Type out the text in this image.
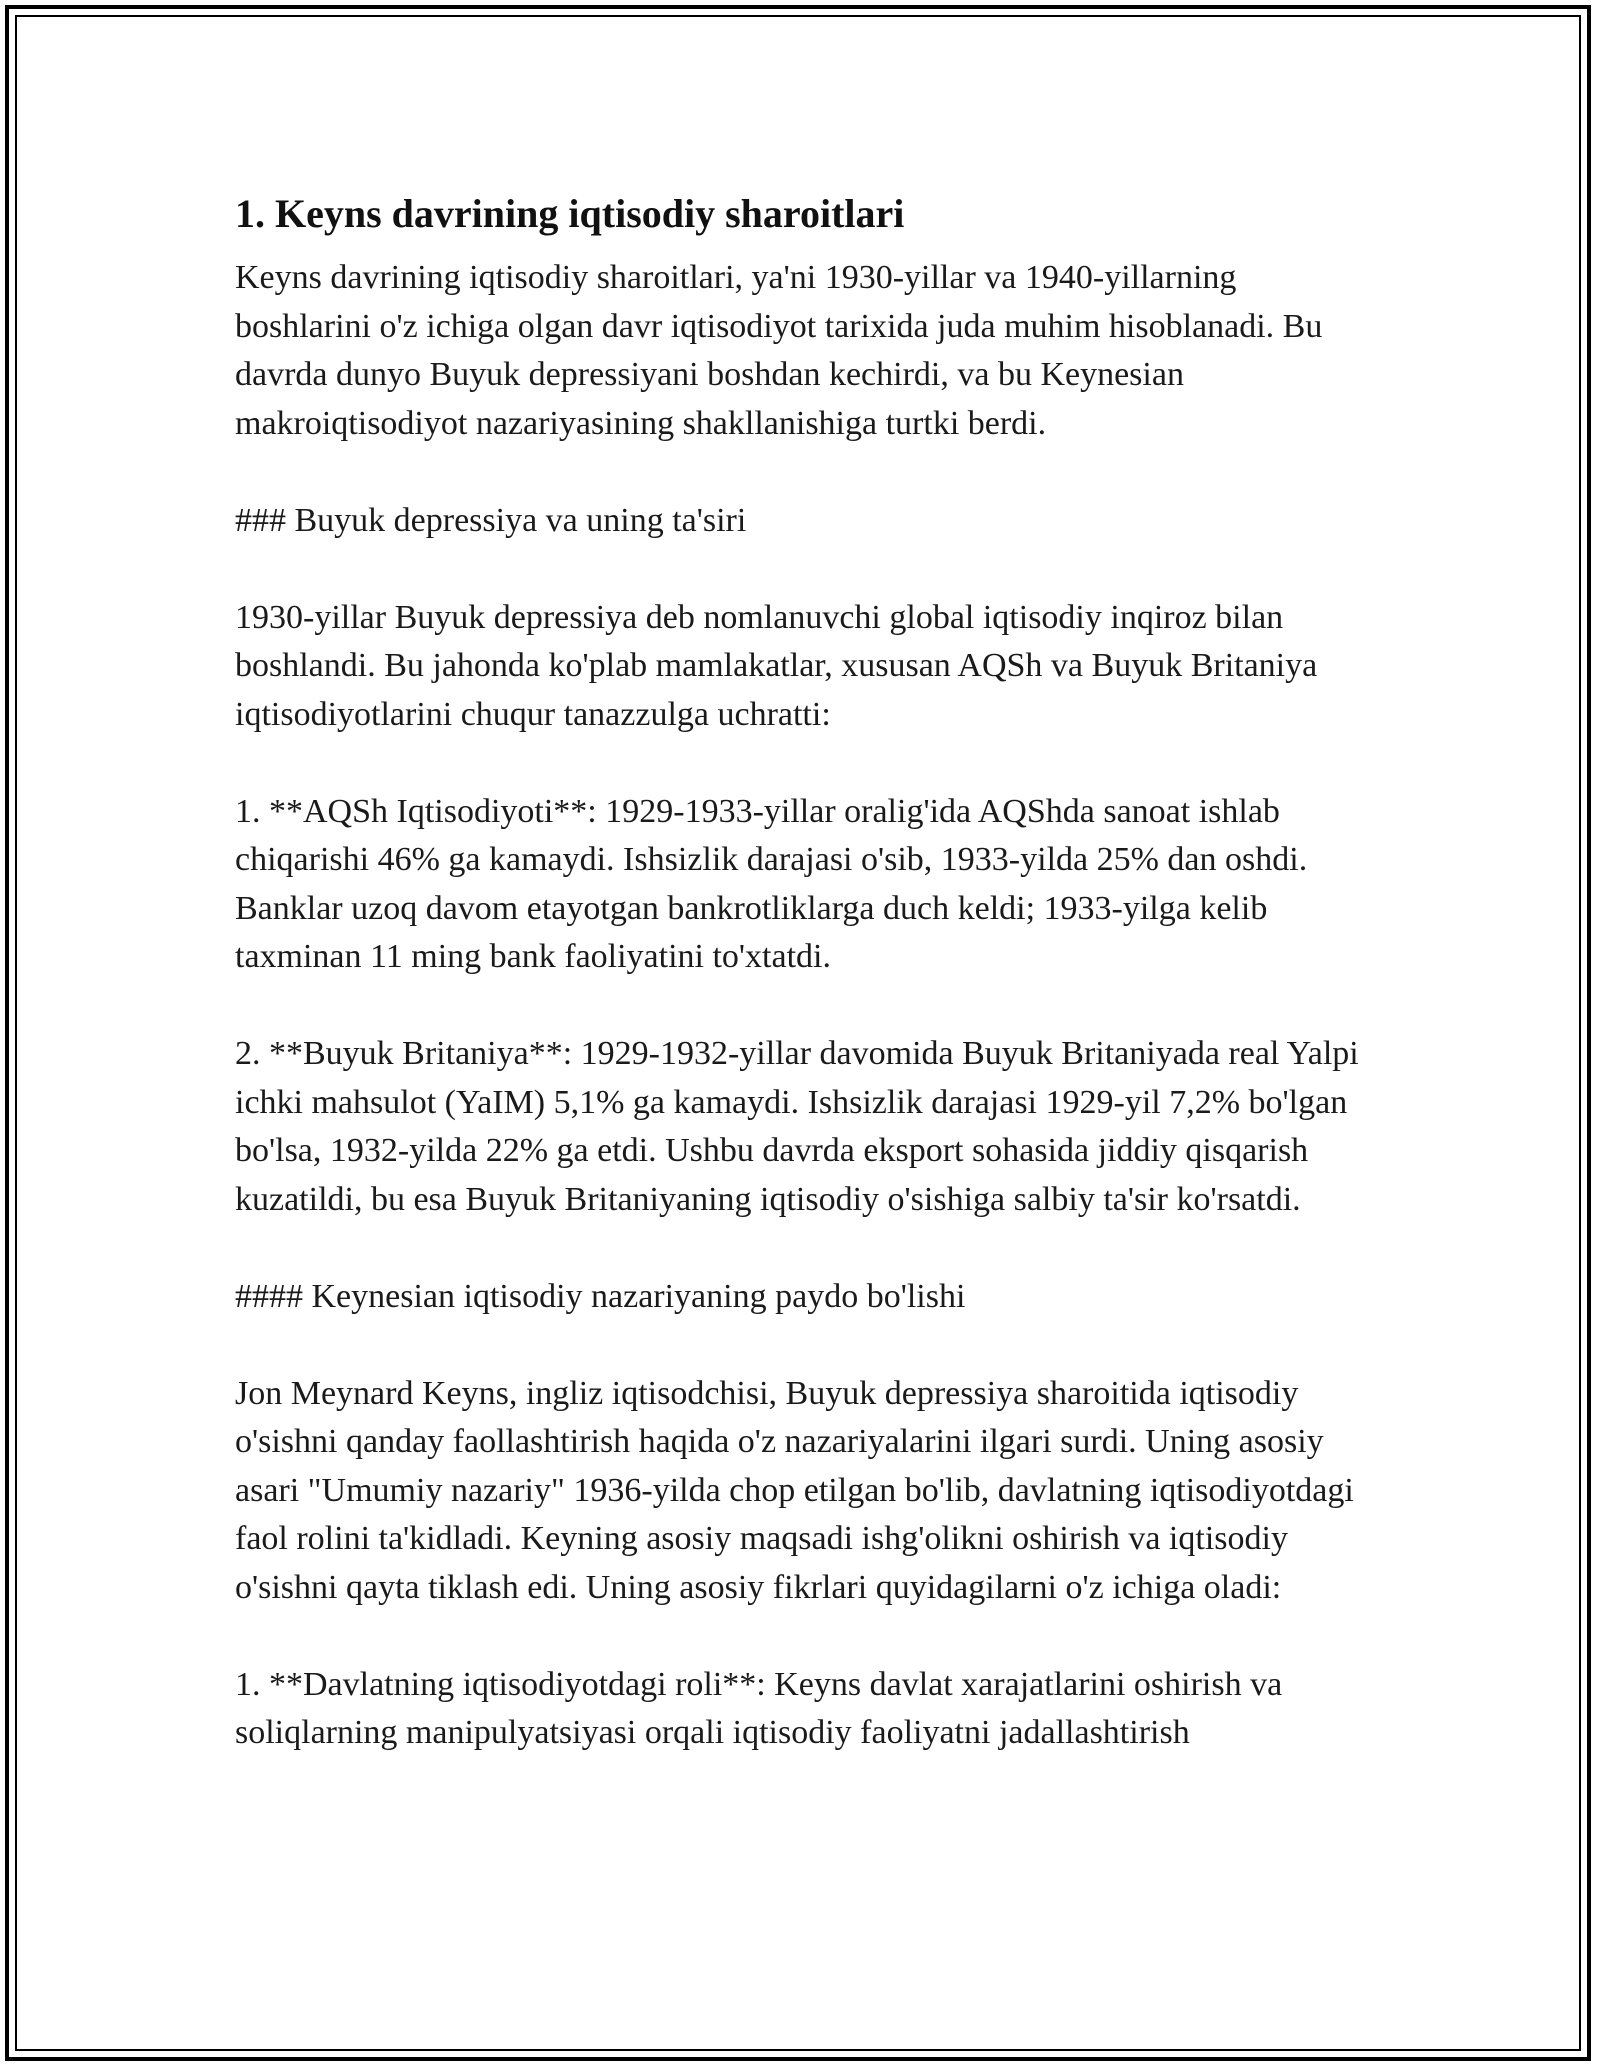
1. Keyns davrining iqtisodiy sharoitlari

Keyns davrining iqtisodiy sharoitlari, ya'ni 1930-yillar va 1940-yillarning boshlarini o'z ichiga olgan davr iqtisodiyot tarixida juda muhim hisoblanadi. Bu davrda dunyo Buyuk depressiyani boshdan kechirdi, va bu Keynesian makroiqtisodiyot nazariyasining shakllanishiga turtki berdi.

### Buyuk depressiya va uning ta'siri

1930-yillar Buyuk depressiya deb nomlanuvchi global iqtisodiy inqiroz bilan boshlandi. Bu jahonda ko'plab mamlakatlar, xususan AQSh va Buyuk Britaniya iqtisodiyotlarini chuqur tanazzulga uchratti:

1. **AQSh Iqtisodiyoti**: 1929-1933-yillar oralig'ida AQShda sanoat ishlab chiqarishi 46% ga kamaydi. Ishsizlik darajasi o'sib, 1933-yilda 25% dan oshdi. Banklar uzoq davom etayotgan bankrotliklarga duch keldi; 1933-yilga kelib taxminan 11 ming bank faoliyatini to'xtatdi.

2. **Buyuk Britaniya**: 1929-1932-yillar davomida Buyuk Britaniyada real Yalpi ichki mahsulot (YaIM) 5,1% ga kamaydi. Ishsizlik darajasi 1929-yil 7,2% bo'lgan bo'lsa, 1932-yilda 22% ga etdi. Ushbu davrda eksport sohasida jiddiy qisqarish kuzatildi, bu esa Buyuk Britaniyaning iqtisodiy o'sishiga salbiy ta'sir ko'rsatdi.

#### Keynesian iqtisodiy nazariyaning paydo bo'lishi

Jon Meynard Keyns, ingliz iqtisodchisi, Buyuk depressiya sharoitida iqtisodiy o'sishni qanday faollashtirish haqida o'z nazariyalarini ilgari surdi. Uning asosiy asari "Umumiy nazariy" 1936-yilda chop etilgan bo'lib, davlatning iqtisodiyotdagi faol rolini ta'kidladi. Keyning asosiy maqsadi ishg'olikni oshirish va iqtisodiy o'sishni qayta tiklash edi. Uning asosiy fikrlari quyidagilarni o'z ichiga oladi:

1. **Davlatning iqtisodiyotdagi roli**: Keyns davlat xarajatlarini oshirish va soliqlarning manipulyatsiyasi orqali iqtisodiy faoliyatni jadallashtirish
